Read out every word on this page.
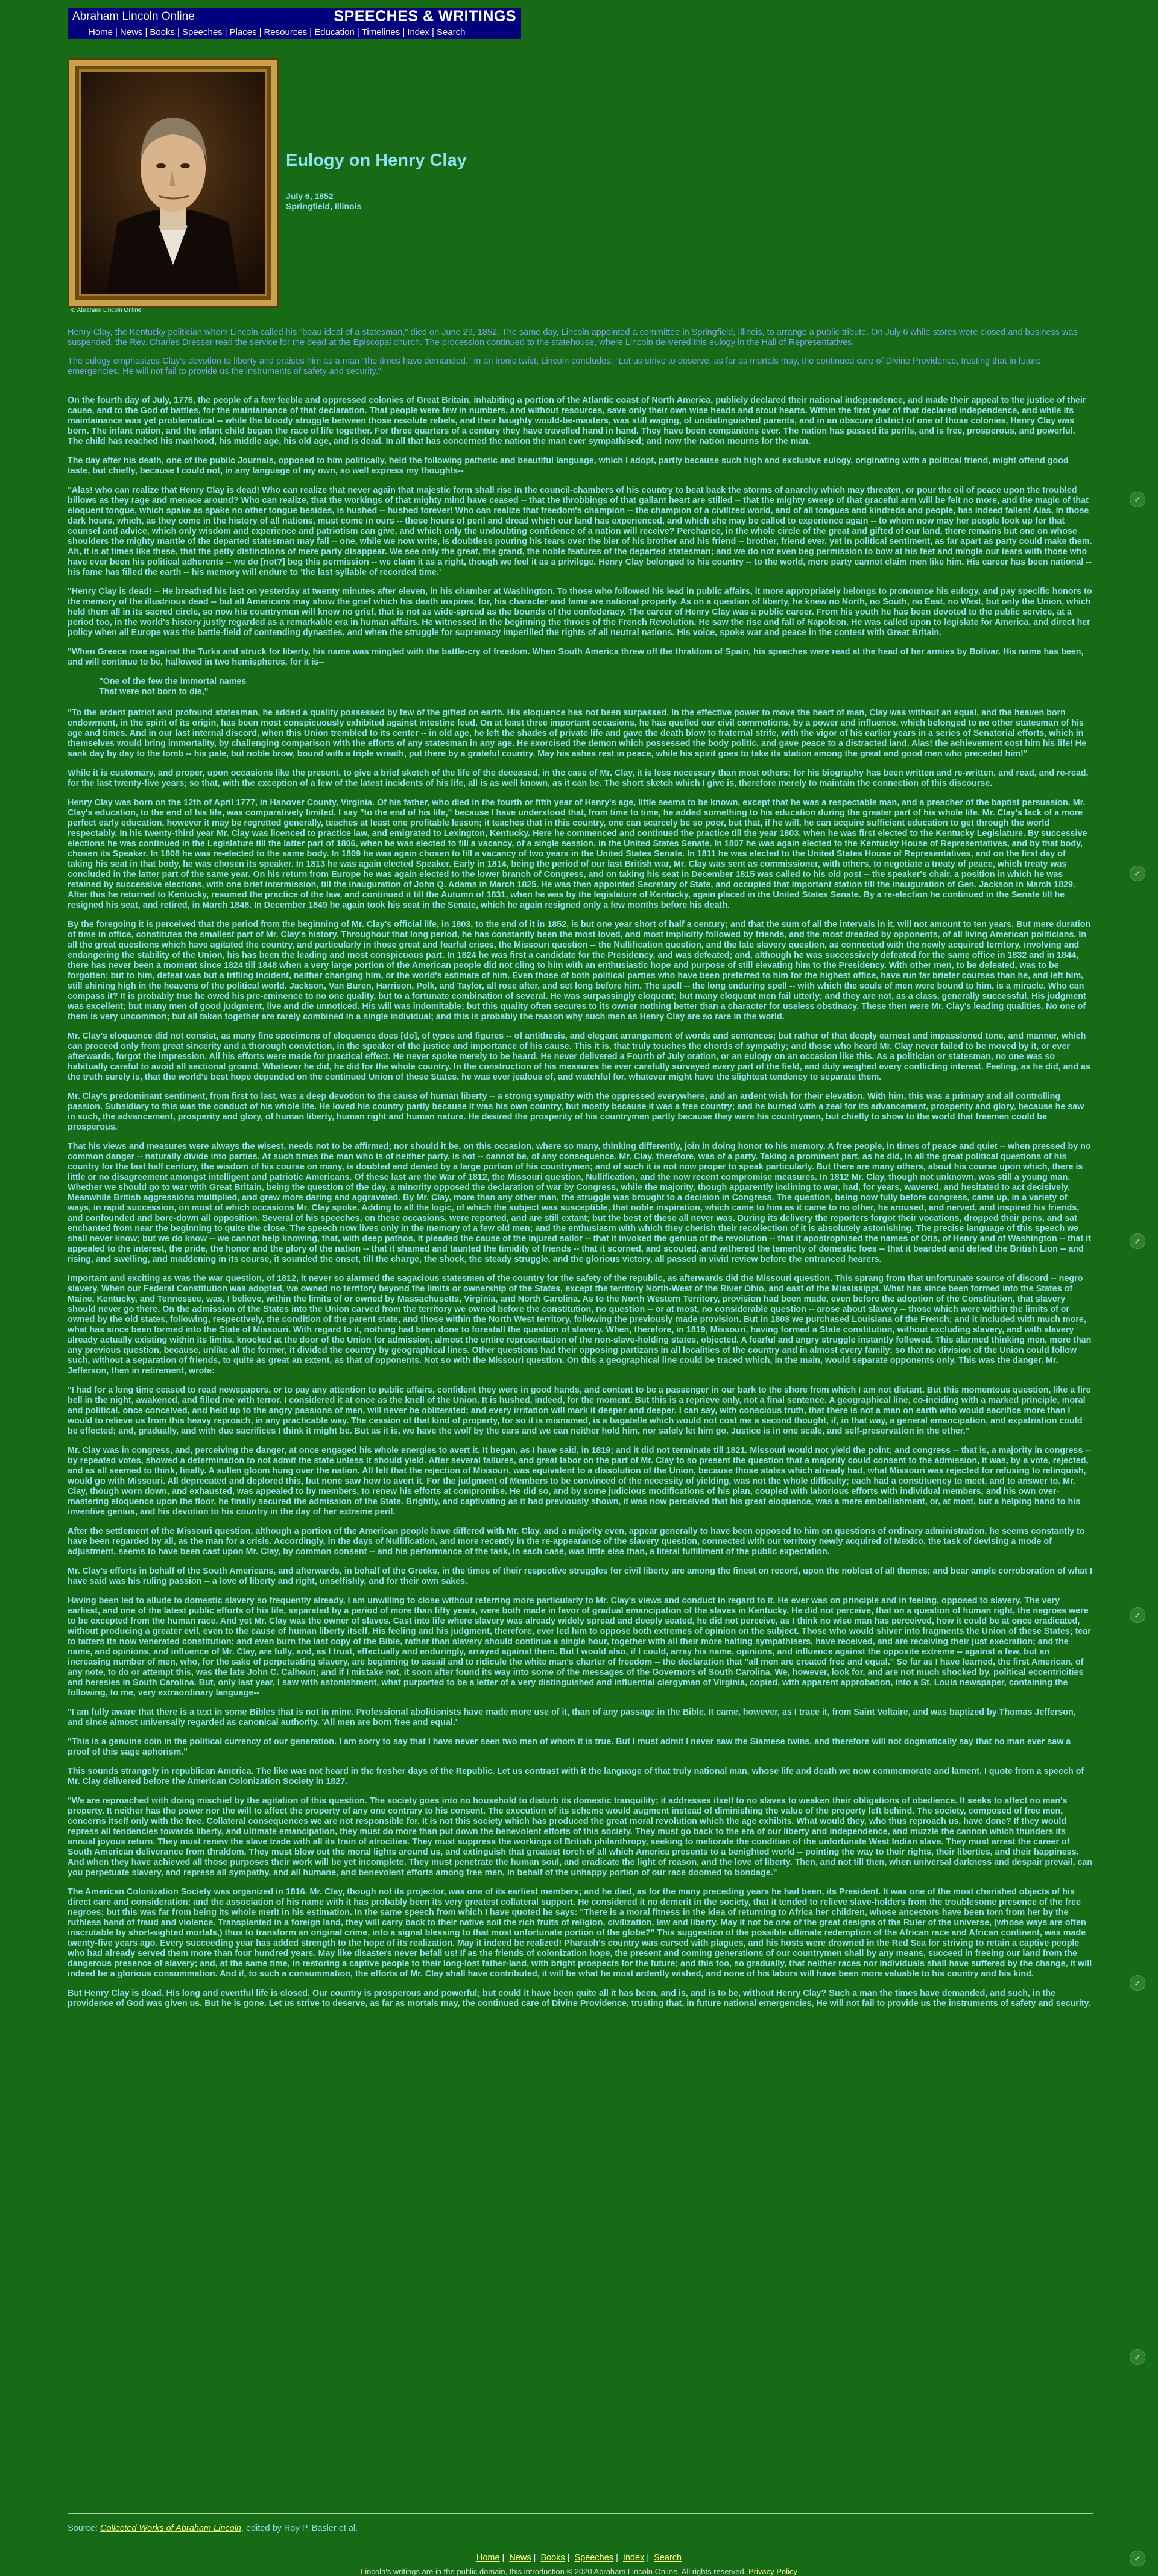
Abraham Lincoln Online	SPEECHES & WRITINGS
Home | News | Books | Speeches | Places | Resources | Education | Timelines | Index | Search
© Abraham Lincoln Online
Eulogy on Henry Clay
July 6, 1852
Springfield, Illinois

Henry Clay, the Kentucky politician whom Lincoln called his "beau ideal of a statesman," died on June 29, 1852. The same day, Lincoln appointed a committee in Springfield, Illinois, to arrange a public tribute. On July 6 while stores were closed and business was suspended, the Rev. Charles Dresser read the service for the dead at the Episcopal church. The procession continued to the statehouse, where Lincoln delivered this eulogy in the Hall of Representatives.

The eulogy emphasizes Clay's devotion to liberty and praises him as a man "the times have demanded." In an ironic twist, Lincoln concludes, "Let us strive to deserve, as far as mortals may, the continued care of Divine Providence, trusting that in future emergencies, He will not fail to provide us the instruments of safety and security."

On the fourth day of July, 1776, the people of a few feeble and oppressed colonies of Great Britain, inhabiting a portion of the Atlantic coast of North America, publicly declared their national independence, and made their appeal to the justice of their cause, and to the God of battles, for the maintainance of that declaration. That people were few in numbers, and without resources, save only their own wise heads and stout hearts. Within the first year of that declared independence, and while its maintainance was yet problematical -- while the bloody struggle between those resolute rebels, and their haughty would-be-masters, was still waging, of undistinguished parents, and in an obscure district of one of those colonies, Henry Clay was born. The infant nation, and the infant child began the race of life together. For three quarters of a century they have travelled hand in hand. They have been companions ever. The nation has passed its perils, and is free, prosperous, and powerful. The child has reached his manhood, his middle age, his old age, and is dead. In all that has concerned the nation the man ever sympathised; and now the nation mourns for the man.

The day after his death, one of the public Journals, opposed to him politically, held the following pathetic and beautiful language, which I adopt, partly because such high and exclusive eulogy, originating with a political friend, might offend good taste, but chiefly, because I could not, in any language of my own, so well express my thoughts--

"Alas! who can realize that Henry Clay is dead! Who can realize that never again that majestic form shall rise in the council-chambers of his country to beat back the storms of anarchy which may threaten, or pour the oil of peace upon the troubled billows as they rage and menace around? Who can realize, that the workings of that mighty mind have ceased -- that the throbbings of that gallant heart are stilled -- that the mighty sweep of that graceful arm will be felt no more, and the magic of that eloquent tongue, which spake as spake no other tongue besides, is hushed -- hushed forever! Who can realize that freedom's champion -- the champion of a civilized world, and of all tongues and kindreds and people, has indeed fallen! Alas, in those dark hours, which, as they come in the history of all nations, must come in ours -- those hours of peril and dread which our land has experienced, and which she may be called to experience again -- to whom now may her people look up for that counsel and advice, which only wisdom and experience and patriotism can give, and which only the undoubting confidence of a nation will receive? Perchance, in the whole circle of the great and gifted of our land, there remains but one on whose shoulders the mighty mantle of the departed statesman may fall -- one, while we now write, is doubtless pouring his tears over the bier of his brother and his friend -- brother, friend ever, yet in political sentiment, as far apart as party could make them. Ah, it is at times like these, that the petty distinctions of mere party disappear. We see only the great, the grand, the noble features of the departed statesman; and we do not even beg permission to bow at his feet and mingle our tears with those who have ever been his political adherents -- we do [not?] beg this permission -- we claim it as a right, though we feel it as a privilege. Henry Clay belonged to his country -- to the world, mere party cannot claim men like him. His career has been national -- his fame has filled the earth -- his memory will endure to 'the last syllable of recorded time.'

"Henry Clay is dead! -- He breathed his last on yesterday at twenty minutes after eleven, in his chamber at Washington. To those who followed his lead in public affairs, it more appropriately belongs to pronounce his eulogy, and pay specific honors to the memory of the illustrious dead -- but all Americans may show the grief which his death inspires, for, his character and fame are national property. As on a question of liberty, he knew no North, no South, no East, no West, but only the Union, which held them all in its sacred circle, so now his countrymen will know no grief, that is not as wide-spread as the bounds of the confederacy. The career of Henry Clay was a public career. From his youth he has been devoted to the public service, at a period too, in the world's history justly regarded as a remarkable era in human affairs. He witnessed in the beginning the throes of the French Revolution. He saw the rise and fall of Napoleon. He was called upon to legislate for America, and direct her policy when all Europe was the battle-field of contending dynasties, and when the struggle for supremacy imperilled the rights of all neutral nations. His voice, spoke war and peace in the contest with Great Britain.

"When Greece rose against the Turks and struck for liberty, his name was mingled with the battle-cry of freedom. When South America threw off the thraldom of Spain, his speeches were read at the head of her armies by Bolivar. His name has been, and will continue to be, hallowed in two hemispheres, for it is--

"One of the few the immortal names
That were not born to die,"

"To the ardent patriot and profound statesman, he added a quality possessed by few of the gifted on earth. His eloquence has not been surpassed. In the effective power to move the heart of man, Clay was without an equal, and the heaven born endowment, in the spirit of its origin, has been most conspicuously exhibited against intestine feud. On at least three important occasions, he has quelled our civil commotions, by a power and influence, which belonged to no other statesman of his age and times. And in our last internal discord, when this Union trembled to its center -- in old age, he left the shades of private life and gave the death blow to fraternal strife, with the vigor of his earlier years in a series of Senatorial efforts, which in themselves would bring immortality, by challenging comparison with the efforts of any statesman in any age. He exorcised the demon which possessed the body politic, and gave peace to a distracted land. Alas! the achievement cost him his life! He sank day by day to the tomb -- his pale, but noble brow, bound with a triple wreath, put there by a grateful country. May his ashes rest in peace, while his spirit goes to take its station among the great and good men who preceded him!"

While it is customary, and proper, upon occasions like the present, to give a brief sketch of the life of the deceased, in the case of Mr. Clay, it is less necessary than most others; for his biography has been written and re-written, and read, and re-read, for the last twenty-five years; so that, with the exception of a few of the latest incidents of his life, all is as well known, as it can be. The short sketch which I give is, therefore merely to maintain the connection of this discourse.

Henry Clay was born on the 12th of April 1777, in Hanover County, Virginia. Of his father, who died in the fourth or fifth year of Henry's age, little seems to be known, except that he was a respectable man, and a preacher of the baptist persuasion. Mr. Clay's education, to the end of his life, was comparatively limited. I say "to the end of his life," because I have understood that, from time to time, he added something to his education during the greater part of his whole life. Mr. Clay's lack of a more perfect early education, however it may be regretted generally, teaches at least one profitable lesson; it teaches that in this country, one can scarcely be so poor, but that, if he will, he can acquire sufficient education to get through the world respectably. In his twenty-third year Mr. Clay was licenced to practice law, and emigrated to Lexington, Kentucky. Here he commenced and continued the practice till the year 1803, when he was first elected to the Kentucky Legislature. By successive elections he was continued in the Legislature till the latter part of 1806, when he was elected to fill a vacancy, of a single session, in the United States Senate. In 1807 he was again elected to the Kentucky House of Representatives, and by that body, chosen its Speaker. In 1808 he was re-elected to the same body. In 1809 he was again chosen to fill a vacancy of two years in the United States Senate. In 1811 he was elected to the United States House of Representatives, and on the first day of taking his seat in that body, he was chosen its speaker. In 1813 he was again elected Speaker. Early in 1814, being the period of our last British war, Mr. Clay was sent as commissioner, with others, to negotiate a treaty of peace, which treaty was concluded in the latter part of the same year. On his return from Europe he was again elected to the lower branch of Congress, and on taking his seat in December 1815 was called to his old post -- the speaker's chair, a position in which he was retained by successive elections, with one brief intermission, till the inauguration of John Q. Adams in March 1825. He was then appointed Secretary of State, and occupied that important station till the inauguration of Gen. Jackson in March 1829. After this he returned to Kentucky, resumed the practice of the law, and continued it till the Autumn of 1831, when he was by the legislature of Kentucky, again placed in the United States Senate. By a re-election he continued in the Senate till he resigned his seat, and retired, in March 1848. In December 1849 he again took his seat in the Senate, which he again resigned only a few months before his death.

By the foregoing it is perceived that the period from the beginning of Mr. Clay's official life, in 1803, to the end of it in 1852, is but one year short of half a century; and that the sum of all the intervals in it, will not amount to ten years. But mere duration of time in office, constitutes the smallest part of Mr. Clay's history. Throughout that long period, he has constantly been the most loved, and most implicitly followed by friends, and the most dreaded by opponents, of all living American politicians. In all the great questions which have agitated the country, and particularly in those great and fearful crises, the Missouri question -- the Nullification question, and the late slavery question, as connected with the newly acquired territory, involving and endangering the stability of the Union, his has been the leading and most conspicuous part. In 1824 he was first a candidate for the Presidency, and was defeated; and, although he was successively defeated for the same office in 1832 and in 1844, there has never been a moment since 1824 till 1848 when a very large portion of the American people did not cling to him with an enthusiastic hope and purpose of still elevating him to the Presidency. With other men, to be defeated, was to be forgotten; but to him, defeat was but a trifling incident, neither changing him, or the world's estimate of him. Even those of both political parties who have been preferred to him for the highest office, have run far briefer courses than he, and left him, still shining high in the heavens of the political world. Jackson, Van Buren, Harrison, Polk, and Taylor, all rose after, and set long before him. The spell -- the long enduring spell -- with which the souls of men were bound to him, is a miracle. Who can compass it? It is probably true he owed his pre-eminence to no one quality, but to a fortunate combination of several. He was surpassingly eloquent; but many eloquent men fail utterly; and they are not, as a class, generally successful. His judgment was excellent; but many men of good judgment, live and die unnoticed. His will was indomitable; but this quality often secures to its owner nothing better than a character for useless obstinacy. These then were Mr. Clay's leading qualities. No one of them is very uncommon; but all taken together are rarely combined in a single individual; and this is probably the reason why such men as Henry Clay are so rare in the world.

Mr. Clay's eloquence did not consist, as many fine specimens of eloquence does [do], of types and figures -- of antithesis, and elegant arrangement of words and sentences; but rather of that deeply earnest and impassioned tone, and manner, which can proceed only from great sincerity and a thorough conviction, in the speaker of the justice and importance of his cause. This it is, that truly touches the chords of sympathy; and those who heard Mr. Clay never failed to be moved by it, or ever afterwards, forgot the impression. All his efforts were made for practical effect. He never spoke merely to be heard. He never delivered a Fourth of July oration, or an eulogy on an occasion like this. As a politician or statesman, no one was so habitually careful to avoid all sectional ground. Whatever he did, he did for the whole country. In the construction of his measures he ever carefully surveyed every part of the field, and duly weighed every conflicting interest. Feeling, as he did, and as the truth surely is, that the world's best hope depended on the continued Union of these States, he was ever jealous of, and watchful for, whatever might have the slightest tendency to separate them.

Mr. Clay's predominant sentiment, from first to last, was a deep devotion to the cause of human liberty -- a strong sympathy with the oppressed everywhere, and an ardent wish for their elevation. With him, this was a primary and all controlling passion. Subsidiary to this was the conduct of his whole life. He loved his country partly because it was his own country, but mostly because it was a free country; and he burned with a zeal for its advancement, prosperity and glory, because he saw in such, the advancement, prosperity and glory, of human liberty, human right and human nature. He desired the prosperity of his countrymen partly because they were his countrymen, but chiefly to show to the world that freemen could be prosperous.

That his views and measures were always the wisest, needs not to be affirmed; nor should it be, on this occasion, where so many, thinking differently, join in doing honor to his memory. A free people, in times of peace and quiet -- when pressed by no common danger -- naturally divide into parties. At such times the man who is of neither party, is not -- cannot be, of any consequence. Mr. Clay, therefore, was of a party. Taking a prominent part, as he did, in all the great political questions of his country for the last half century, the wisdom of his course on many, is doubted and denied by a large portion of his countrymen; and of such it is not now proper to speak particularly. But there are many others, about his course upon which, there is little or no disagreement amongst intelligent and patriotic Americans. Of these last are the War of 1812, the Missouri question, Nullification, and the now recent compromise measures. In 1812 Mr. Clay, though not unknown, was still a young man. Whether we should go to war with Great Britain, being the question of the day, a minority opposed the declaration of war by Congress, while the majority, though apparently inclining to war, had, for years, wavered, and hesitated to act decisively. Meanwhile British aggressions multiplied, and grew more daring and aggravated. By Mr. Clay, more than any other man, the struggle was brought to a decision in Congress. The question, being now fully before congress, came up, in a variety of ways, in rapid succession, on most of which occasions Mr. Clay spoke. Adding to all the logic, of which the subject was susceptible, that noble inspiration, which came to him as it came to no other, he aroused, and nerved, and inspired his friends, and confounded and bore-down all opposition. Several of his speeches, on these occasions, were reported, and are still extant; but the best of these all never was. During its delivery the reporters forgot their vocations, dropped their pens, and sat enchanted from near the beginning to quite the close. The speech now lives only in the memory of a few old men; and the enthusiasm with which they cherish their recollection of it is absolutely astonishing. The precise language of this speech we shall never know; but we do know -- we cannot help knowing, that, with deep pathos, it pleaded the cause of the injured sailor -- that it invoked the genius of the revolution -- that it apostrophised the names of Otis, of Henry and of Washington -- that it appealed to the interest, the pride, the honor and the glory of the nation -- that it shamed and taunted the timidity of friends -- that it scorned, and scouted, and withered the temerity of domestic foes -- that it bearded and defied the British Lion -- and rising, and swelling, and maddening in its course, it sounded the onset, till the charge, the shock, the steady struggle, and the glorious victory, all passed in vivid review before the entranced hearers.

Important and exciting as was the war question, of 1812, it never so alarmed the sagacious statesmen of the country for the safety of the republic, as afterwards did the Missouri question. This sprang from that unfortunate source of discord -- negro slavery. When our Federal Constitution was adopted, we owned no territory beyond the limits or ownership of the States, except the territory North-West of the River Ohio, and east of the Mississippi. What has since been formed into the States of Maine, Kentucky, and Tennessee, was, I believe, within the limits of or owned by Massachusetts, Virginia, and North Carolina. As to the North Western Territory, provision had been made, even before the adoption of the Constitution, that slavery should never go there. On the admission of the States into the Union carved from the territory we owned before the constitution, no question -- or at most, no considerable question -- arose about slavery -- those which were within the limits of or owned by the old states, following, respectively, the condition of the parent state, and those within the North West territory, following the previously made provision. But in 1803 we purchased Louisiana of the French; and it included with much more, what has since been formed into the State of Missouri. With regard to it, nothing had been done to forestall the question of slavery. When, therefore, in 1819, Missouri, having formed a State constitution, without excluding slavery, and with slavery already actually existing within its limits, knocked at the door of the Union for admission, almost the entire representation of the non-slave-holding states, objected. A fearful and angry struggle instantly followed. This alarmed thinking men, more than any previous question, because, unlike all the former, it divided the country by geographical lines. Other questions had their opposing partizans in all localities of the country and in almost every family; so that no division of the Union could follow such, without a separation of friends, to quite as great an extent, as that of opponents. Not so with the Missouri question. On this a geographical line could be traced which, in the main, would separate opponents only. This was the danger. Mr. Jefferson, then in retirement, wrote:

"I had for a long time ceased to read newspapers, or to pay any attention to public affairs, confident they were in good hands, and content to be a passenger in our bark to the shore from which I am not distant. But this momentous question, like a fire bell in the night, awakened, and filled me with terror. I considered it at once as the knell of the Union. It is hushed, indeed, for the moment. But this is a reprieve only, not a final sentence. A geographical line, co-inciding with a marked principle, moral and political, once conceived, and held up to the angry passions of men, will never be obliterated; and every irritation will mark it deeper and deeper. I can say, with conscious truth, that there is not a man on earth who would sacrifice more than I would to relieve us from this heavy reproach, in any practicable way. The cession of that kind of property, for so it is misnamed, is a bagatelle which would not cost me a second thought, if, in that way, a general emancipation, and expatriation could be effected; and, gradually, and with due sacrifices I think it might be. But as it is, we have the wolf by the ears and we can neither hold him, nor safely let him go. Justice is in one scale, and self-preservation in the other."

Mr. Clay was in congress, and, perceiving the danger, at once engaged his whole energies to avert it. It began, as I have said, in 1819; and it did not terminate till 1821. Missouri would not yield the point; and congress -- that is, a majority in congress -- by repeated votes, showed a determination to not admit the state unless it should yield. After several failures, and great labor on the part of Mr. Clay to so present the question that a majority could consent to the admission, it was, by a vote, rejected, and as all seemed to think, finally. A sullen gloom hung over the nation. All felt that the rejection of Missouri, was equivalent to a dissolution of the Union, because those states which already had, what Missouri was rejected for refusing to relinquish, would go with Missouri. All deprecated and deplored this, but none saw how to avert it. For the judgment of Members to be convinced of the necessity of yielding, was not the whole difficulty; each had a constituency to meet, and to answer to. Mr. Clay, though worn down, and exhausted, was appealed to by members, to renew his efforts at compromise. He did so, and by some judicious modifications of his plan, coupled with laborious efforts with individual members, and his own over-mastering eloquence upon the floor, he finally secured the admission of the State. Brightly, and captivating as it had previously shown, it was now perceived that his great eloquence, was a mere embellishment, or, at most, but a helping hand to his inventive genius, and his devotion to his country in the day of her extreme peril.

After the settlement of the Missouri question, although a portion of the American people have differed with Mr. Clay, and a majority even, appear generally to have been opposed to him on questions of ordinary administration, he seems constantly to have been regarded by all, as the man for a crisis. Accordingly, in the days of Nullification, and more recently in the re-appearance of the slavery question, connected with our territory newly acquired of Mexico, the task of devising a mode of adjustment, seems to have been cast upon Mr. Clay, by common consent -- and his performance of the task, in each case, was little else than, a literal fulfillment of the public expectation.

Mr. Clay's efforts in behalf of the South Americans, and afterwards, in behalf of the Greeks, in the times of their respective struggles for civil liberty are among the finest on record, upon the noblest of all themes; and bear ample corroboration of what I have said was his ruling passion -- a love of liberty and right, unselfishly, and for their own sakes.

Having been led to allude to domestic slavery so frequently already, I am unwilling to close without referring more particularly to Mr. Clay's views and conduct in regard to it. He ever was on principle and in feeling, opposed to slavery. The very earliest, and one of the latest public efforts of his life, separated by a period of more than fifty years, were both made in favor of gradual emancipation of the slaves in Kentucky. He did not perceive, that on a question of human right, the negroes were to be excepted from the human race. And yet Mr. Clay was the owner of slaves. Cast into life where slavery was already widely spread and deeply seated, he did not perceive, as I think no wise man has perceived, how it could be at once eradicated, without producing a greater evil, even to the cause of human liberty itself. His feeling and his judgment, therefore, ever led him to oppose both extremes of opinion on the subject. Those who would shiver into fragments the Union of these States; tear to tatters its now venerated constitution; and even burn the last copy of the Bible, rather than slavery should continue a single hour, together with all their more halting sympathisers, have received, and are receiving their just execration; and the name, and opinions, and influence of Mr. Clay, are fully, and, as I trust, effectually and enduringly, arrayed against them. But I would also, if I could, array his name, opinions, and influence against the opposite extreme -- against a few, but an increasing number of men, who, for the sake of perpetuating slavery, are beginning to assail and to ridicule the white man's charter of freedom -- the declaration that "all men are created free and equal." So far as I have learned, the first American, of any note, to do or attempt this, was the late John C. Calhoun; and if I mistake not, it soon after found its way into some of the messages of the Governors of South Carolina. We, however, look for, and are not much shocked by, political eccentricities and heresies in South Carolina. But, only last year, I saw with astonishment, what purported to be a letter of a very distinguished and influential clergyman of Virginia, copied, with apparent approbation, into a St. Louis newspaper, containing the following, to me, very extraordinary language--

"I am fully aware that there is a text in some Bibles that is not in mine. Professional abolitionists have made more use of it, than of any passage in the Bible. It came, however, as I trace it, from Saint Voltaire, and was baptized by Thomas Jefferson, and since almost universally regarded as canonical authority. 'All men are born free and equal.'

"This is a genuine coin in the political currency of our generation. I am sorry to say that I have never seen two men of whom it is true. But I must admit I never saw the Siamese twins, and therefore will not dogmatically say that no man ever saw a proof of this sage aphorism."

This sounds strangely in republican America. The like was not heard in the fresher days of the Republic. Let us contrast with it the language of that truly national man, whose life and death we now commemorate and lament. I quote from a speech of Mr. Clay delivered before the American Colonization Society in 1827.

"We are reproached with doing mischief by the agitation of this question. The society goes into no household to disturb its domestic tranquility; it addresses itself to no slaves to weaken their obligations of obedience. It seeks to affect no man's property. It neither has the power nor the will to affect the property of any one contrary to his consent. The execution of its scheme would augment instead of diminishing the value of the property left behind. The society, composed of free men, concerns itself only with the free. Collateral consequences we are not responsible for. It is not this society which has produced the great moral revolution which the age exhibits. What would they, who thus reproach us, have done? If they would repress all tendencies towards liberty, and ultimate emancipation, they must do more than put down the benevolent efforts of this society. They must go back to the era of our liberty and independence, and muzzle the cannon which thunders its annual joyous return. They must renew the slave trade with all its train of atrocities. They must suppress the workings of British philanthropy, seeking to meliorate the condition of the unfortunate West Indian slave. They must arrest the career of South American deliverance from thraldom. They must blow out the moral lights around us, and extinguish that greatest torch of all which America presents to a benighted world -- pointing the way to their rights, their liberties, and their happiness. And when they have achieved all those purposes their work will be yet incomplete. They must penetrate the human soul, and eradicate the light of reason, and the love of liberty. Then, and not till then, when universal darkness and despair prevail, can you perpetuate slavery, and repress all sympathy, and all humane, and benevolent efforts among free men, in behalf of the unhappy portion of our race doomed to bondage."

The American Colonization Society was organized in 1816. Mr. Clay, though not its projector, was one of its earliest members; and he died, as for the many preceding years he had been, its President. It was one of the most cherished objects of his direct care and consideration; and the association of his name with it has probably been its very greatest collateral support. He considered it no demerit in the society, that it tended to relieve slave-holders from the troublesome presence of the free negroes; but this was far from being its whole merit in his estimation. In the same speech from which I have quoted he says: "There is a moral fitness in the idea of returning to Africa her children, whose ancestors have been torn from her by the ruthless hand of fraud and violence. Transplanted in a foreign land, they will carry back to their native soil the rich fruits of religion, civilization, law and liberty. May it not be one of the great designs of the Ruler of the universe, (whose ways are often inscrutable by short-sighted mortals,) thus to transform an original crime, into a signal blessing to that most unfortunate portion of the globe?" This suggestion of the possible ultimate redemption of the African race and African continent, was made twenty-five years ago. Every succeeding year has added strength to the hope of its realization. May it indeed be realized! Pharaoh's country was cursed with plagues, and his hosts were drowned in the Red Sea for striving to retain a captive people who had already served them more than four hundred years. May like disasters never befall us! If as the friends of colonization hope, the present and coming generations of our countrymen shall by any means, succeed in freeing our land from the dangerous presence of slavery; and, at the same time, in restoring a captive people to their long-lost father-land, with bright prospects for the future; and this too, so gradually, that neither races nor individuals shall have suffered by the change, it will indeed be a glorious consummation. And if, to such a consummation, the efforts of Mr. Clay shall have contributed, it will be what he most ardently wished, and none of his labors will have been more valuable to his country and his kind.

But Henry Clay is dead. His long and eventful life is closed. Our country is prosperous and powerful; but could it have been quite all it has been, and is, and is to be, without Henry Clay? Such a man the times have demanded, and such, in the providence of God was given us. But he is gone. Let us strive to deserve, as far as mortals may, the continued care of Divine Providence, trusting that, in future national emergencies, He will not fail to provide us the instruments of safety and security.

✓
✓
✓
✓
✓
✓
✓
Source: Collected Works of Abraham Lincoln, edited by Roy P. Basler et al.
Home | News | Books | Speeches | Index | Search
Lincoln's writings are in the public domain, this introduction © 2020 Abraham Lincoln Online. All rights reserved. Privacy Policy
